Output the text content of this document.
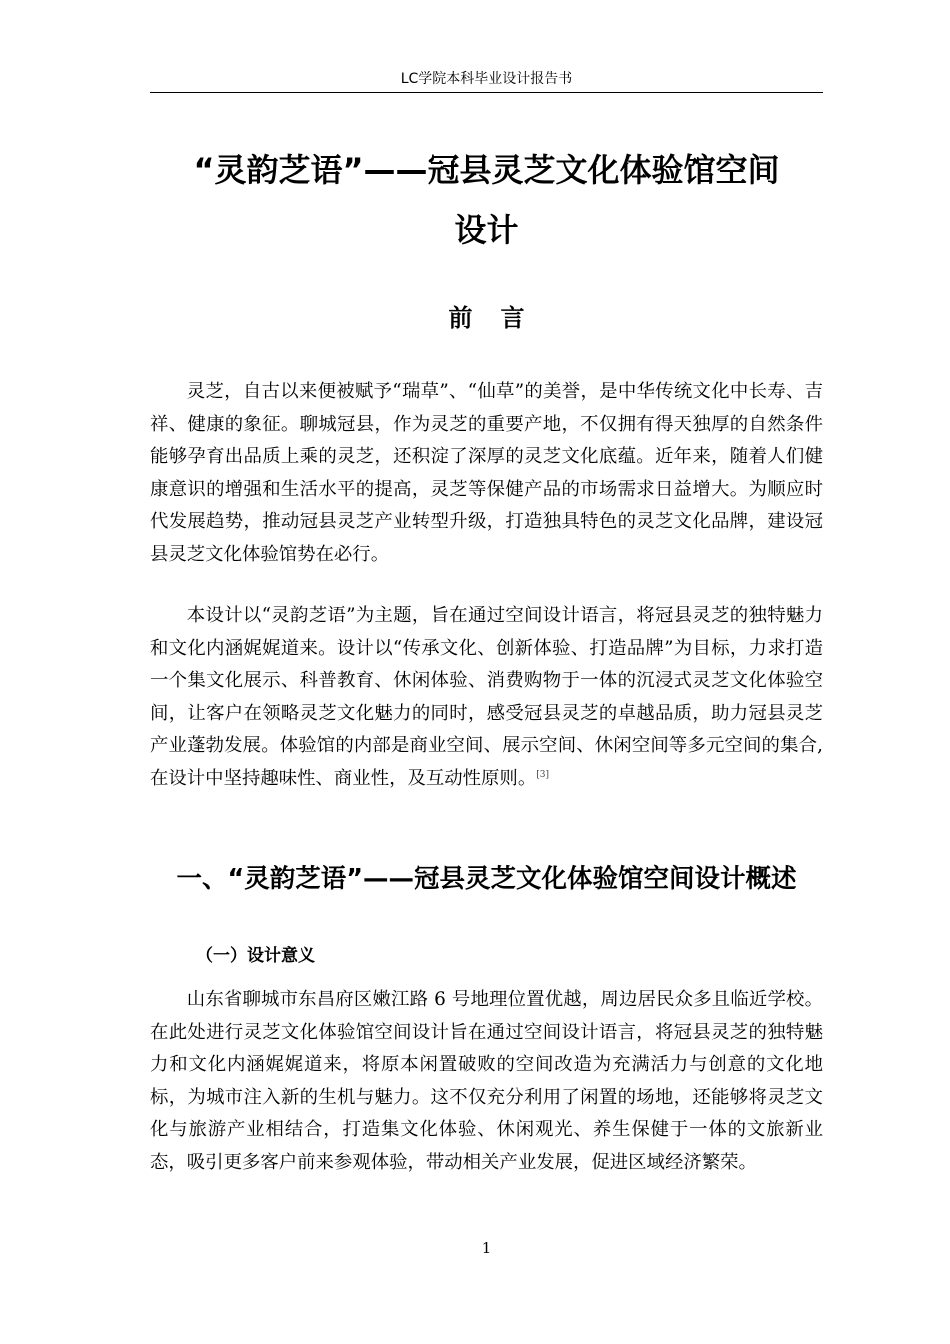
LC学院本科毕业设计报告书
“灵韵芝语”——冠县灵芝文化体验馆空间
设计
前言

灵芝，自古以来便被赋予“瑞草”、“仙草”的美誉，是中华传统文化中长寿、吉祥、健康的象征。聊城冠县，作为灵芝的重要产地，不仅拥有得天独厚的自然条件能够孕育出品质上乘的灵芝，还积淀了深厚的灵芝文化底蕴。近年来，随着人们健康意识的增强和生活水平的提高，灵芝等保健产品的市场需求日益增大。为顺应时代发展趋势，推动冠县灵芝产业转型升级，打造独具特色的灵芝文化品牌，建设冠县灵芝文化体验馆势在必行。

本设计以“灵韵芝语”为主题，旨在通过空间设计语言，将冠县灵芝的独特魅力和文化内涵娓娓道来。设计以“传承文化、创新体验、打造品牌”为目标，力求打造一个集文化展示、科普教育、休闲体验、消费购物于一体的沉浸式灵芝文化体验空间，让客户在领略灵芝文化魅力的同时，感受冠县灵芝的卓越品质，助力冠县灵芝产业蓬勃发展。体验馆的内部是商业空间、展示空间、休闲空间等多元空间的集合,在设计中坚持趣味性、商业性，及互动性原则。[3]

一、“灵韵芝语”——冠县灵芝文化体验馆空间设计概述
（一）设计意义

山东省聊城市东昌府区嫩江路 6 号地理位置优越，周边居民众多且临近学校。在此处进行灵芝文化体验馆空间设计旨在通过空间设计语言，将冠县灵芝的独特魅力和文化内涵娓娓道来，将原本闲置破败的空间改造为充满活力与创意的文化地标，为城市注入新的生机与魅力。这不仅充分利用了闲置的场地，还能够将灵芝文化与旅游产业相结合，打造集文化体验、休闲观光、养生保健于一体的文旅新业态，吸引更多客户前来参观体验，带动相关产业发展，促进区域经济繁荣。

1
